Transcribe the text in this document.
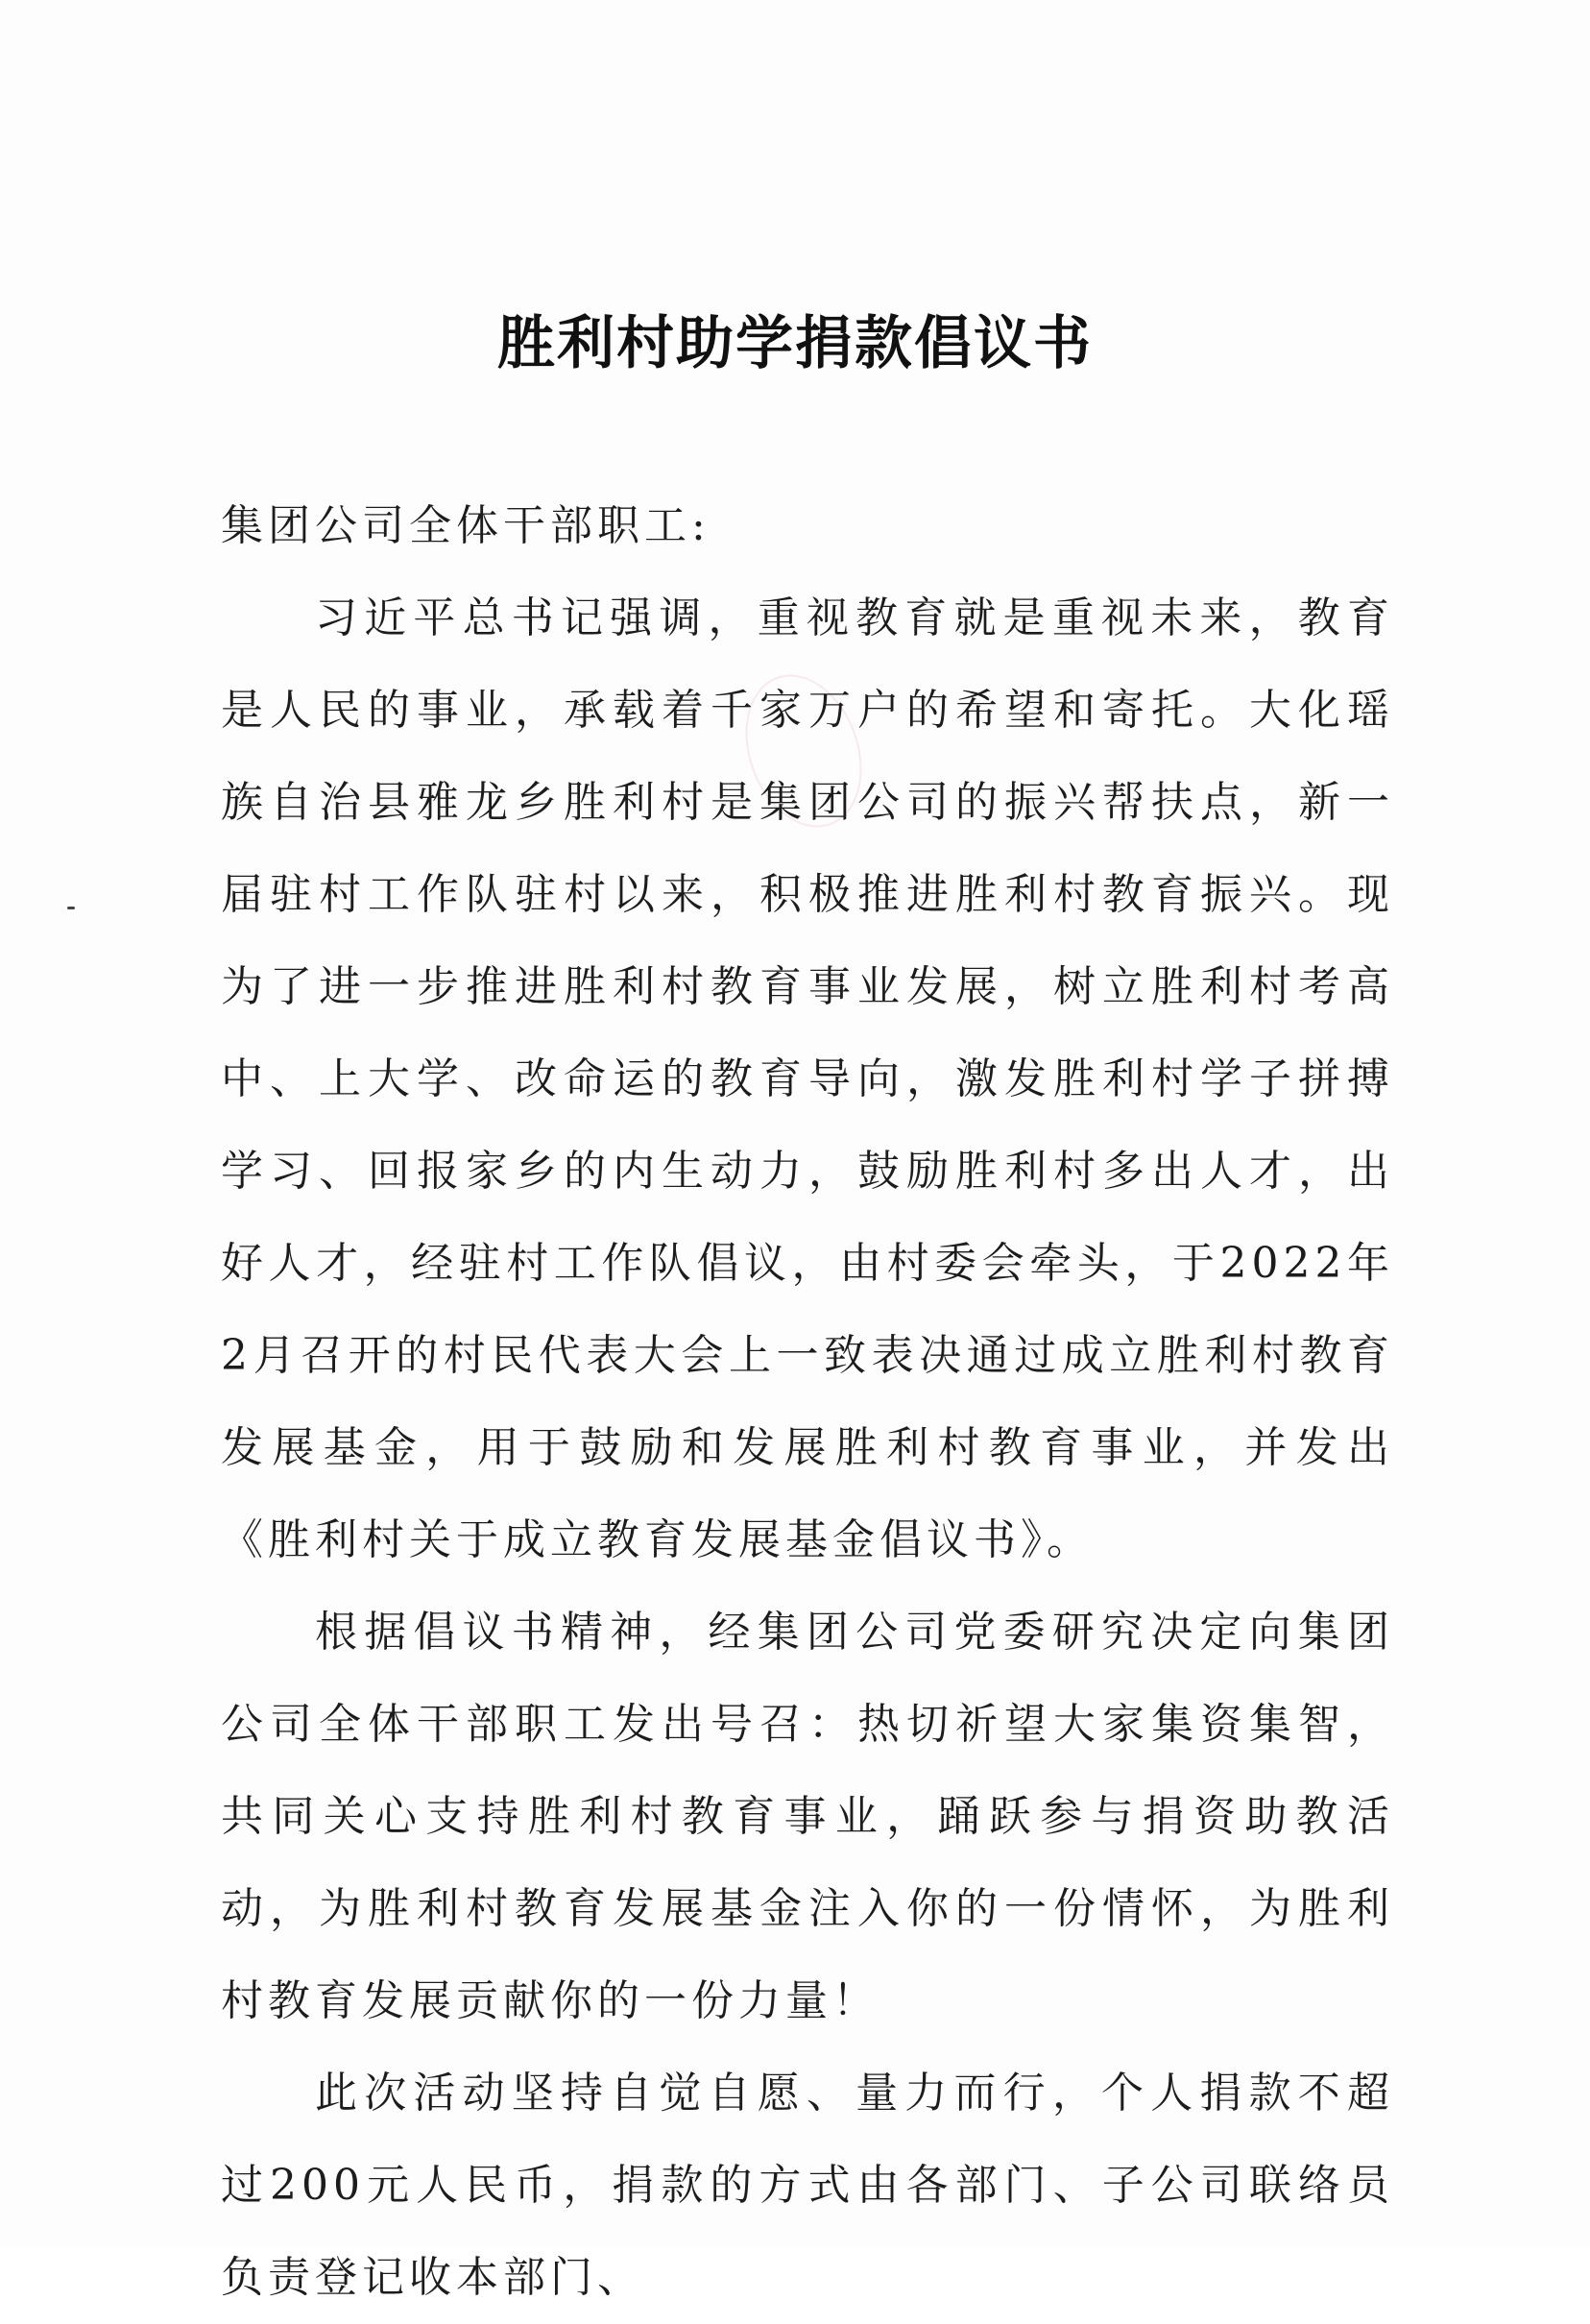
胜利村助学捐款倡议书

集团公司全体干部职工:

习近平总书记强调，重视教育就是重视未来，教育是人民的事业，承载着千家万户的希望和寄托。大化瑶族自治县雅龙乡胜利村是集团公司的振兴帮扶点，新一届驻村工作队驻村以来，积极推进胜利村教育振兴。现为了进一步推进胜利村教育事业发展，树立胜利村考高中、上大学、改命运的教育导向，激发胜利村学子拼搏学习、回报家乡的内生动力，鼓励胜利村多出人才，出好人才，经驻村工作队倡议，由村委会牵头，于2022年2月召开的村民代表大会上一致表决通过成立胜利村教育发展基金，用于鼓励和发展胜利村教育事业，并发出《胜利村关于成立教育发展基金倡议书》。

根据倡议书精神，经集团公司党委研究决定向集团公司全体干部职工发出号召：热切祈望大家集资集智，共同关心支持胜利村教育事业，踊跃参与捐资助教活动，为胜利村教育发展基金注入你的一份情怀，为胜利村教育发展贡献你的一份力量！

此次活动坚持自觉自愿、量力而行，个人捐款不超过200元人民币，捐款的方式由各部门、子公司联络员负责登记收本部门、
